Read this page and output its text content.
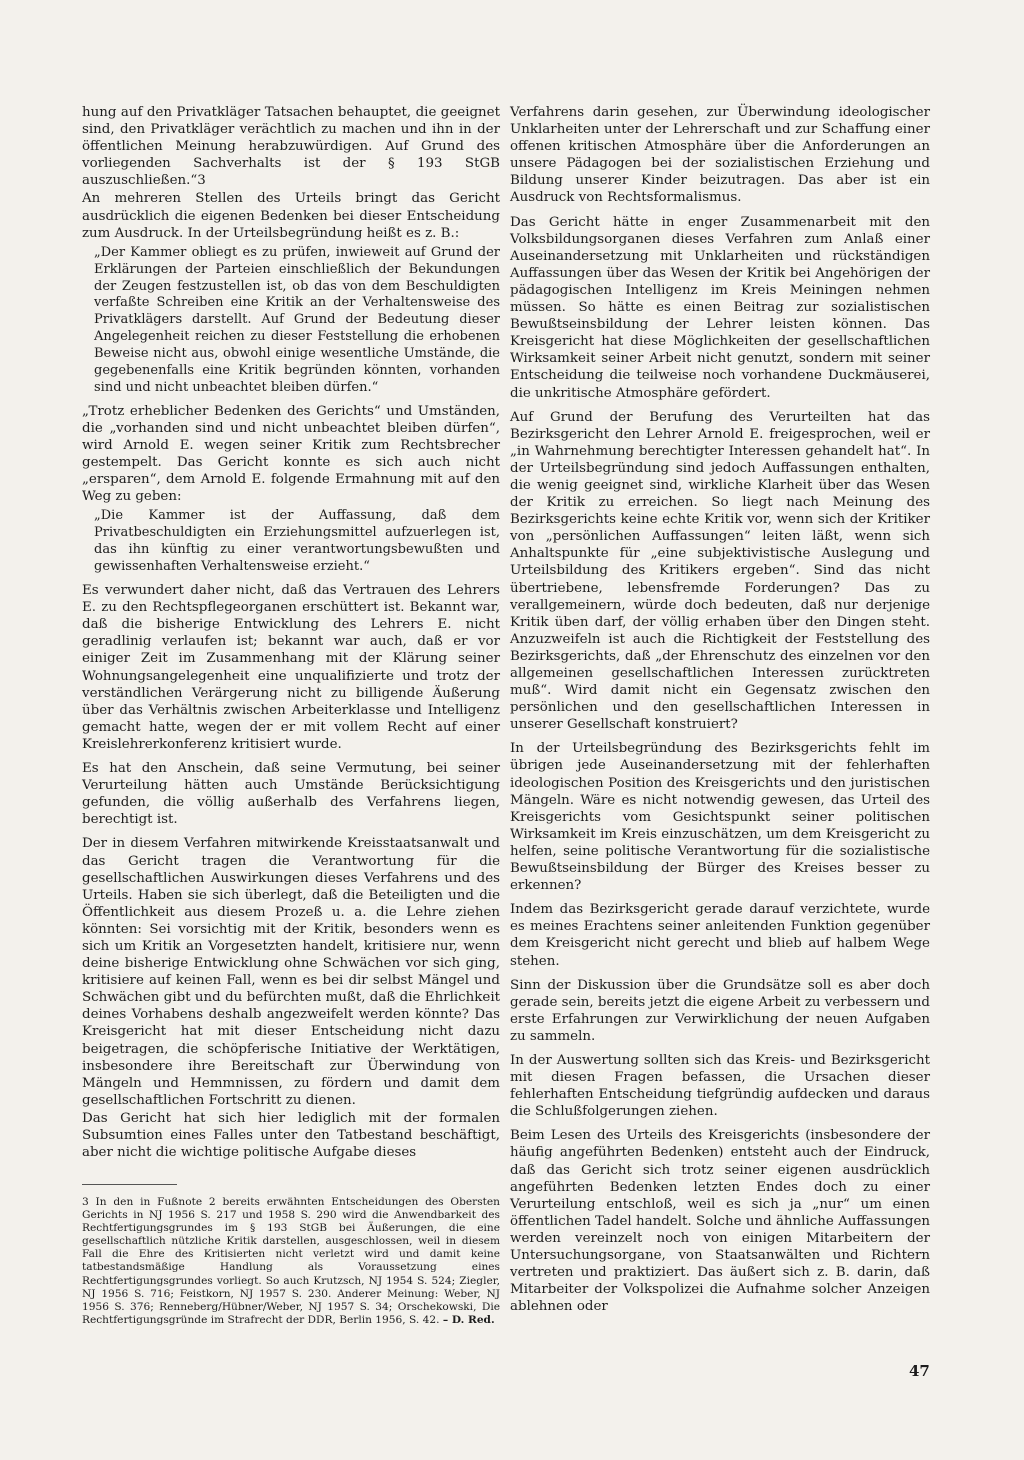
hung auf den Privatkläger Tatsachen behauptet, die geeignet sind, den Privatkläger verächtlich zu machen und ihn in der öffentlichen Meinung herabzuwürdigen. Auf Grund des vorliegenden Sachverhalts ist der § 193 StGB auszuschließen.“3

An mehreren Stellen des Urteils bringt das Gericht ausdrücklich die eigenen Bedenken bei dieser Entscheidung zum Ausdruck. In der Urteilsbegründung heißt es z. B.:

„Der Kammer obliegt es zu prüfen, inwieweit auf Grund der Erklärungen der Parteien einschließlich der Bekundungen der Zeugen festzustellen ist, ob das von dem Beschuldigten verfaßte Schreiben eine Kritik an der Verhaltensweise des Privatklägers darstellt. Auf Grund der Bedeutung dieser Angelegenheit reichen zu dieser Feststellung die erhobenen Beweise nicht aus, obwohl einige wesentliche Umstände, die gegebenenfalls eine Kritik begründen könnten, vorhanden sind und nicht unbeachtet bleiben dürfen.“

„Trotz erheblicher Bedenken des Gerichts“ und Umständen, die „vorhanden sind und nicht unbeachtet bleiben dürfen“, wird Arnold E. wegen seiner Kritik zum Rechtsbrecher gestempelt. Das Gericht konnte es sich auch nicht „ersparen“, dem Arnold E. folgende Ermahnung mit auf den Weg zu geben:

„Die Kammer ist der Auffassung, daß dem Privatbeschuldigten ein Erziehungsmittel aufzuerlegen ist, das ihn künftig zu einer verantwortungsbewußten und gewissenhaften Verhaltensweise erzieht.“

Es verwundert daher nicht, daß das Vertrauen des Lehrers E. zu den Rechtspflegeorganen erschüttert ist. Bekannt war, daß die bisherige Entwicklung des Lehrers E. nicht geradlinig verlaufen ist; bekannt war auch, daß er vor einiger Zeit im Zusammenhang mit der Klärung seiner Wohnungsangelegenheit eine unqualifizierte und trotz der verständlichen Verärgerung nicht zu billigende Äußerung über das Verhältnis zwischen Arbeiterklasse und Intelligenz gemacht hatte, wegen der er mit vollem Recht auf einer Kreislehrerkonferenz kritisiert wurde.

Es hat den Anschein, daß seine Vermutung, bei seiner Verurteilung hätten auch Umstände Berücksichtigung gefunden, die völlig außerhalb des Verfahrens liegen, berechtigt ist.

Der in diesem Verfahren mitwirkende Kreisstaatsanwalt und das Gericht tragen die Verantwortung für die gesellschaftlichen Auswirkungen dieses Verfahrens und des Urteils. Haben sie sich überlegt, daß die Beteiligten und die Öffentlichkeit aus diesem Prozeß u. a. die Lehre ziehen könnten: Sei vorsichtig mit der Kritik, besonders wenn es sich um Kritik an Vorgesetzten handelt, kritisiere nur, wenn deine bisherige Entwicklung ohne Schwächen vor sich ging, kritisiere auf keinen Fall, wenn es bei dir selbst Mängel und Schwächen gibt und du befürchten mußt, daß die Ehrlichkeit deines Vorhabens deshalb angezweifelt werden könnte? Das Kreisgericht hat mit dieser Entscheidung nicht dazu beigetragen, die schöpferische Initiative der Werktätigen, insbesondere ihre Bereitschaft zur Überwindung von Mängeln und Hemmnissen, zu fördern und damit dem gesellschaftlichen Fortschritt zu dienen.

Das Gericht hat sich hier lediglich mit der formalen Subsumtion eines Falles unter den Tatbestand beschäftigt, aber nicht die wichtige politische Aufgabe dieses

3 In den in Fußnote 2 bereits erwähnten Entscheidungen des Obersten Gerichts in NJ 1956 S. 217 und 1958 S. 290 wird die Anwendbarkeit des Rechtfertigungsgrundes im § 193 StGB bei Äußerungen, die eine gesellschaftlich nützliche Kritik darstellen, ausgeschlossen, weil in diesem Fall die Ehre des Kritisierten nicht verletzt wird und damit keine tatbestandsmäßige Handlung als Voraussetzung eines Rechtfertigungsgrundes vorliegt. So auch Krutzsch, NJ 1954 S. 524; Ziegler, NJ 1956 S. 716; Feistkorn, NJ 1957 S. 230. Anderer Meinung: Weber, NJ 1956 S. 376; Renneberg/Hübner/Weber, NJ 1957 S. 34; Orschekowski, Die Rechtfertigungsgründe im Strafrecht der DDR, Berlin 1956, S. 42. – D. Red.

Verfahrens darin gesehen, zur Überwindung ideologischer Unklarheiten unter der Lehrerschaft und zur Schaffung einer offenen kritischen Atmosphäre über die Anforderungen an unsere Pädagogen bei der sozialistischen Erziehung und Bildung unserer Kinder beizutragen. Das aber ist ein Ausdruck von Rechtsformalismus.

Das Gericht hätte in enger Zusammenarbeit mit den Volksbildungsorganen dieses Verfahren zum Anlaß einer Auseinandersetzung mit Unklarheiten und rückständigen Auffassungen über das Wesen der Kritik bei Angehörigen der pädagogischen Intelligenz im Kreis Meiningen nehmen müssen. So hätte es einen Beitrag zur sozialistischen Bewußtseinsbildung der Lehrer leisten können. Das Kreisgericht hat diese Möglichkeiten der gesellschaftlichen Wirksamkeit seiner Arbeit nicht genutzt, sondern mit seiner Entscheidung die teilweise noch vorhandene Duckmäuserei, die unkritische Atmosphäre gefördert.

Auf Grund der Berufung des Verurteilten hat das Bezirksgericht den Lehrer Arnold E. freigesprochen, weil er „in Wahrnehmung berechtigter Interessen gehandelt hat“. In der Urteilsbegründung sind jedoch Auffassungen enthalten, die wenig geeignet sind, wirkliche Klarheit über das Wesen der Kritik zu erreichen. So liegt nach Meinung des Bezirksgerichts keine echte Kritik vor, wenn sich der Kritiker von „persönlichen Auffassungen“ leiten läßt, wenn sich Anhaltspunkte für „eine subjektivistische Auslegung und Urteilsbildung des Kritikers ergeben“. Sind das nicht übertriebene, lebensfremde Forderungen? Das zu verallgemeinern, würde doch bedeuten, daß nur derjenige Kritik üben darf, der völlig erhaben über den Dingen steht. Anzuzweifeln ist auch die Richtigkeit der Feststellung des Bezirksgerichts, daß „der Ehrenschutz des einzelnen vor den allgemeinen gesellschaftlichen Interessen zurücktreten muß“. Wird damit nicht ein Gegensatz zwischen den persönlichen und den gesellschaftlichen Interessen in unserer Gesellschaft konstruiert?

In der Urteilsbegründung des Bezirksgerichts fehlt im übrigen jede Auseinandersetzung mit der fehlerhaften ideologischen Position des Kreisgerichts und den juristischen Mängeln. Wäre es nicht notwendig gewesen, das Urteil des Kreisgerichts vom Gesichtspunkt seiner politischen Wirksamkeit im Kreis einzuschätzen, um dem Kreisgericht zu helfen, seine politische Verantwortung für die sozialistische Bewußtseinsbildung der Bürger des Kreises besser zu erkennen?

Indem das Bezirksgericht gerade darauf verzichtete, wurde es meines Erachtens seiner anleitenden Funktion gegenüber dem Kreisgericht nicht gerecht und blieb auf halbem Wege stehen.

Sinn der Diskussion über die Grundsätze soll es aber doch gerade sein, bereits jetzt die eigene Arbeit zu verbessern und erste Erfahrungen zur Verwirklichung der neuen Aufgaben zu sammeln.

In der Auswertung sollten sich das Kreis- und Bezirksgericht mit diesen Fragen befassen, die Ursachen dieser fehlerhaften Entscheidung tiefgründig aufdecken und daraus die Schlußfolgerungen ziehen.

Beim Lesen des Urteils des Kreisgerichts (insbesondere der häufig angeführten Bedenken) entsteht auch der Eindruck, daß das Gericht sich trotz seiner eigenen ausdrücklich angeführten Bedenken letzten Endes doch zu einer Verurteilung entschloß, weil es sich ja „nur“ um einen öffentlichen Tadel handelt. Solche und ähnliche Auffassungen werden vereinzelt noch von einigen Mitarbeitern der Untersuchungsorgane, von Staatsanwälten und Richtern vertreten und praktiziert. Das äußert sich z. B. darin, daß Mitarbeiter der Volkspolizei die Aufnahme solcher Anzeigen ablehnen oder

47
